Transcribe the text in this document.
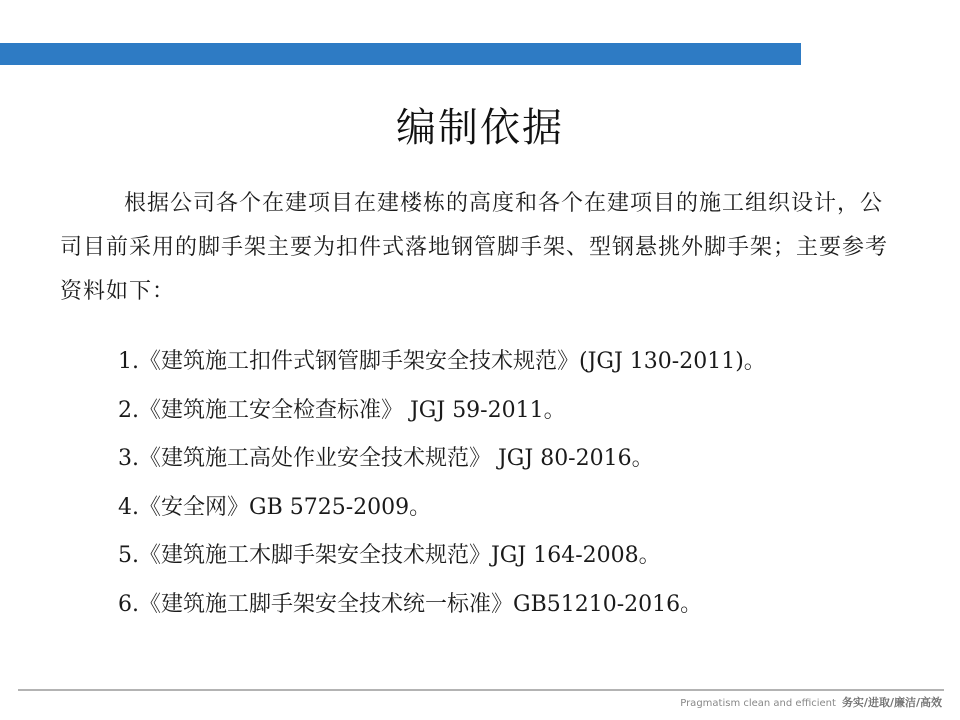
编制依据

根据公司各个在建项目在建楼栋的高度和各个在建项目的施工组织设计，公司目前采用的脚手架主要为扣件式落地钢管脚手架、型钢悬挑外脚手架；主要参考资料如下：

1.《建筑施工扣件式钢管脚手架安全技术规范》(JGJ 130-2011)。
2.《建筑施工安全检查标准》 JGJ 59-2011。
3.《建筑施工高处作业安全技术规范》 JGJ 80-2016。
4.《安全网》GB 5725-2009。
5.《建筑施工木脚手架安全技术规范》JGJ 164-2008。
6.《建筑施工脚手架安全技术统一标准》GB51210-2016。
Pragmatism clean and efficient 务实/进取/廉洁/高效
